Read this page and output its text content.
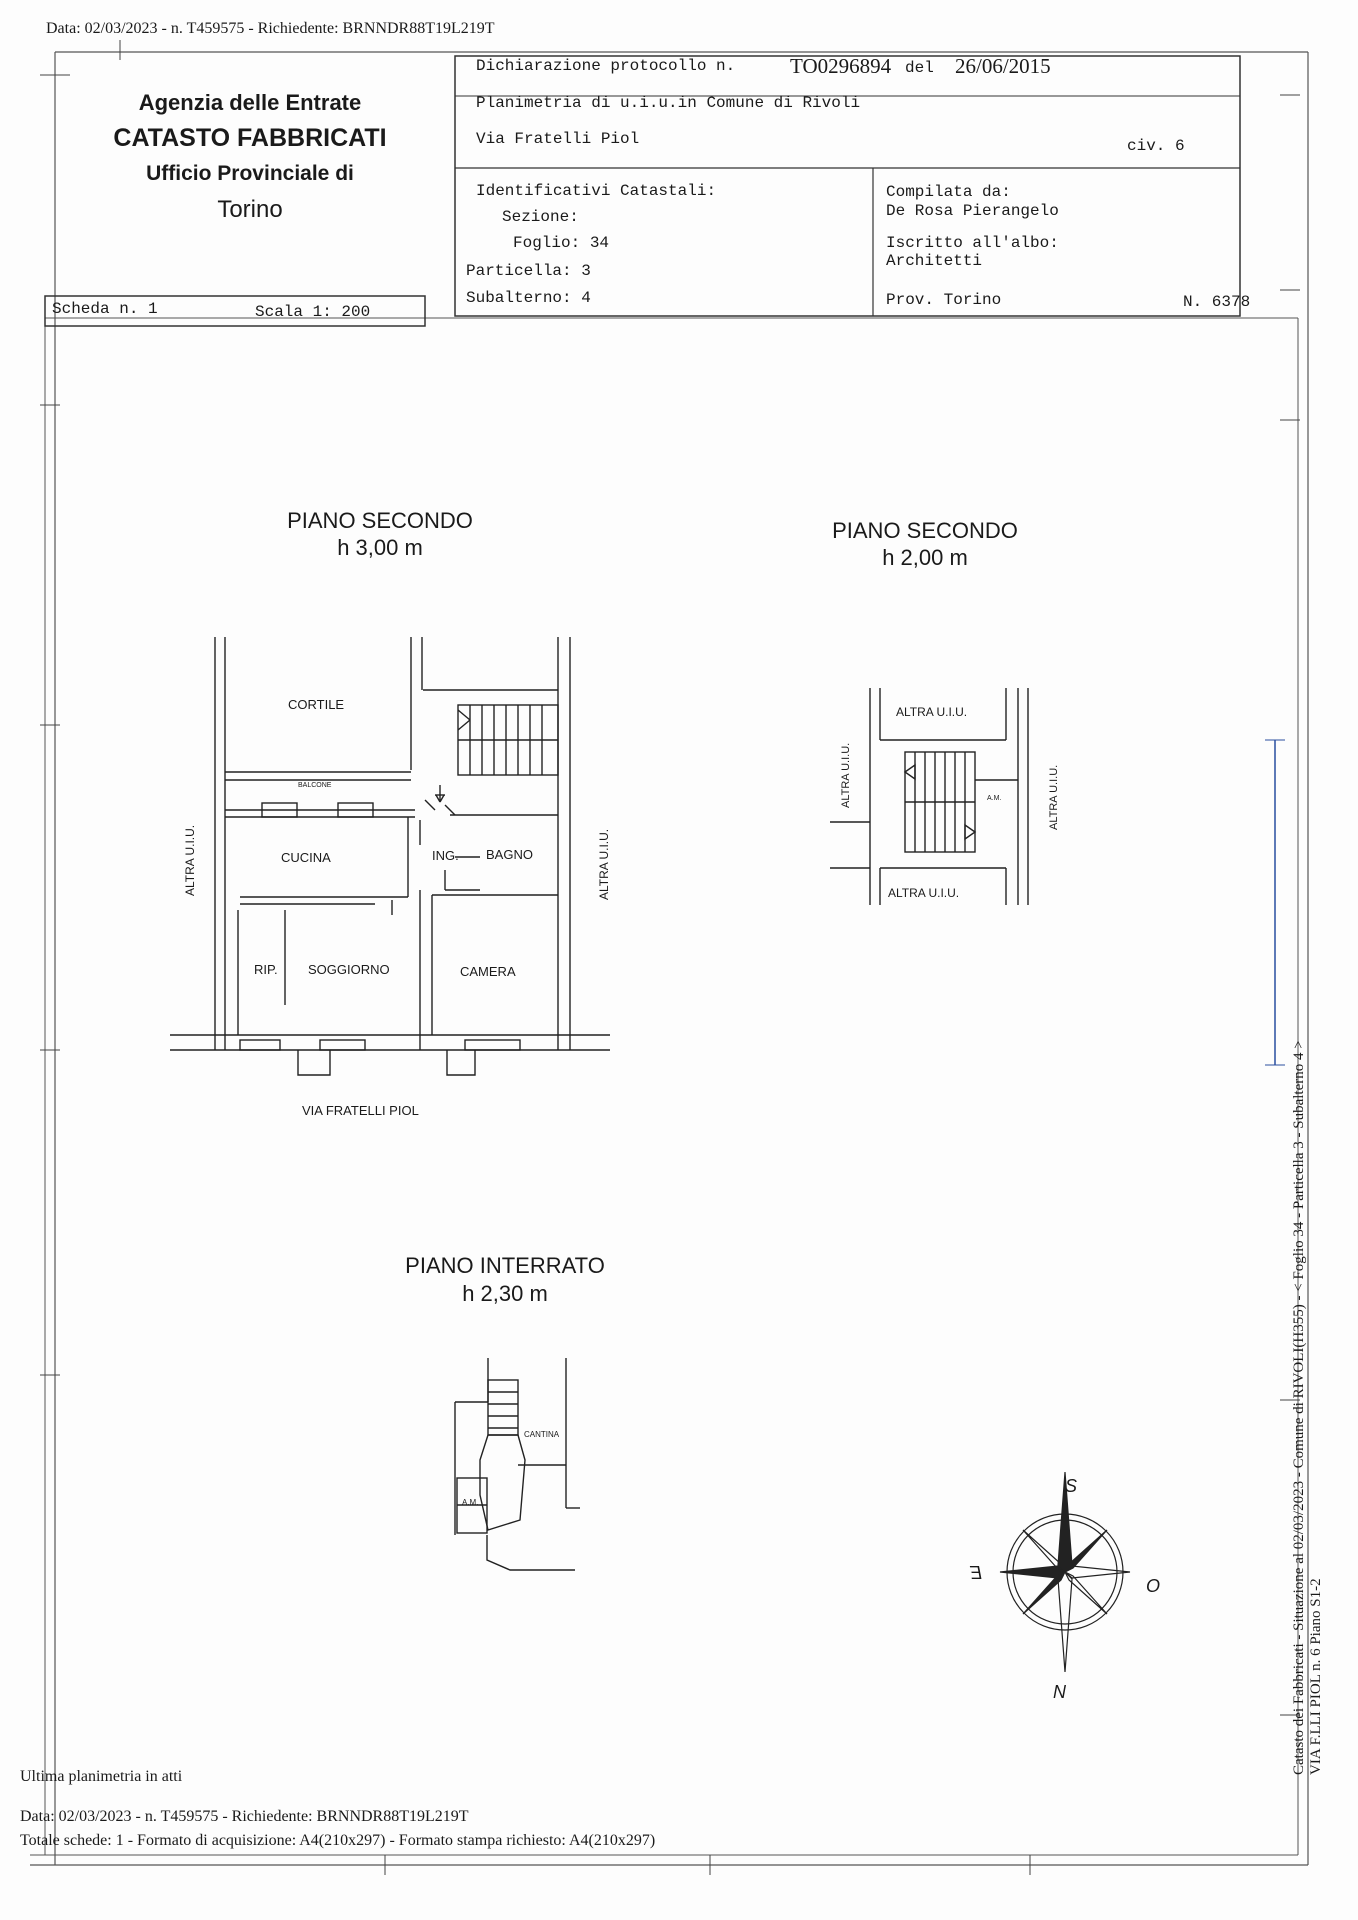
Data: 02/03/2023 - n. T459575 - Richiedente: BRNNDR88T19L219T
Agenzia delle Entrate
CATASTO FABBRICATI
Ufficio Provinciale di
Torino
Dichiarazione protocollo n.	TO0296894 del 26/06/2015
Planimetria di u.i.u.in Comune di Rivoli
Via Fratelli Piol	civ. 6
Identificativi Catastali:
Sezione:
Foglio: 34
Particella: 3
Subalterno: 4
Compilata da:
De Rosa Pierangelo
Iscritto all'albo:
Architetti
Prov. Torino	N. 6378
Scheda n. 1	Scala 1: 200
PIANO SECONDO
h 3,00 m
PIANO SECONDO
h 2,00 m
PIANO INTERRATO
h 2,30 m
CORTILE
BALCONE
CUCINA	ING. BAGNO
RIP. SOGGIORNO	CAMERA
ALTRA U.I.U.	ALTRA U.I.U.
VIA FRATELLI PIOL
ALTRA U.I.U.
ALTRA U.I.U.
ALTRA U.I.U.	ALTRA U.I.U.
A.M.
CANTINA
A.M.
S
N
E
O	Catasto dei Fabbricati - Situazione al 02/03/2023 - Comune di RIVOLI(H355) - < Foglio 34 - Particella 3 - Subalterno 4 > VIA F.LLI PIOL n. 6 Piano S1-2
Ultima planimetria in atti
Data: 02/03/2023 - n. T459575 - Richiedente: BRNNDR88T19L219T
Totale schede: 1 - Formato di acquisizione: A4(210x297) - Formato stampa richiesto: A4(210x297)
